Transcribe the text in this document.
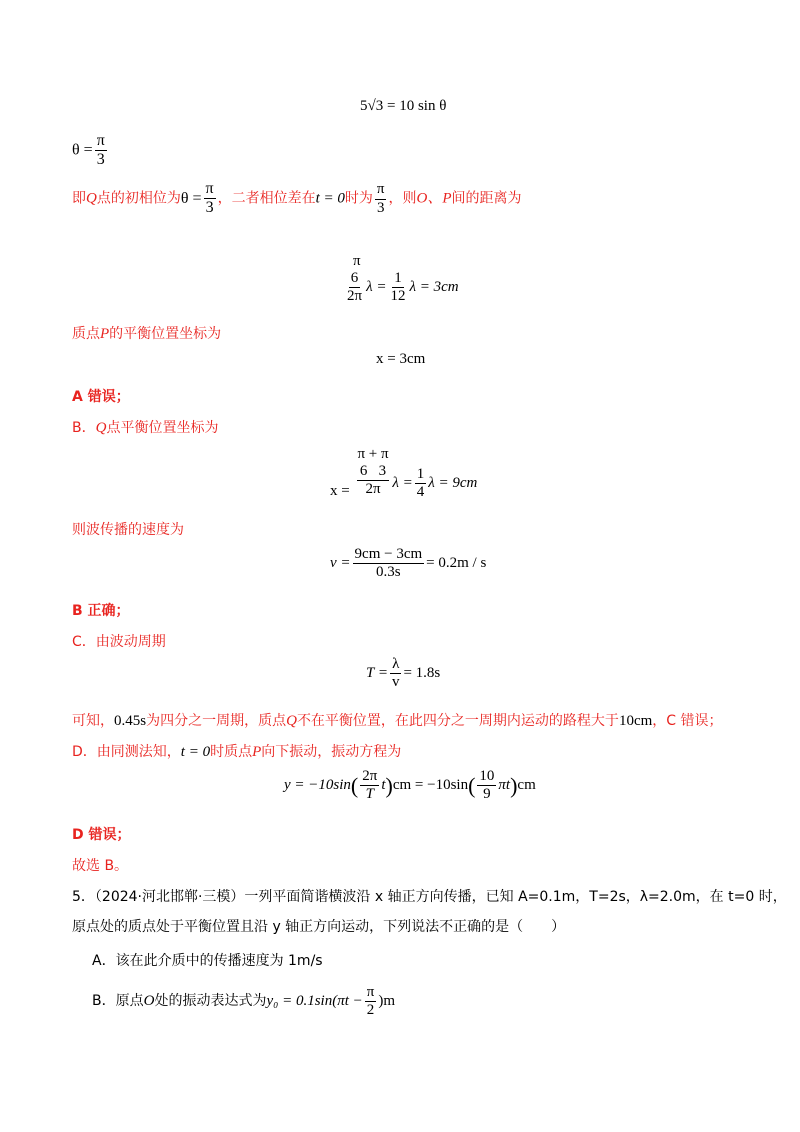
5√3 = 10 sin θ
$\theta = \frac{\pi}{3}$
即Q点的初相位为$\theta = \frac{\pi}{3}$ ，二者相位差在t = 0时为 $\frac{\pi}{3}$ ，则O、P间的距离为
π
$\frac{6}{2\pi}$ $\lambda = \frac{1}{12}$ λ = 3cm
质点P的平衡位置坐标为
x = 3cm
A 错误；
B．Q点平衡位置坐标为
x =
π + π
6 3
2π $\lambda = \frac{1}{4}$ λ = 9cm
则波传播的速度为
$v = \frac{9cm - 3cm}{0.3s} = 0.2m / s$
B 正确；
C．由波动周期
$T = \frac{\lambda}{v} = 1.8s$
可知，0.45s为四分之一周期，质点Q不在平衡位置，在此四分之一周期内运动的路程大于10cm，C 错误；
D．由同测法知，t = 0时质点P向下振动，振动方程为
$y = -10\sin( \frac{2\pi}{T} t)cm = -10\sin( \frac{10}{9} \pi t)cm$
D 错误；
故选 B。
5．（2024·河北邯郸·三模）一列平面简谐横波沿 x 轴正方向传播，已知 A=0.1m，T=2s，λ=2.0m，在 t=0 时，
原点处的质点处于平衡位置且沿 y 轴正方向运动，下列说法不正确的是（　　）
A．该在此介质中的传播速度为 1m/s
B．原点O处的振动表达式为$y_0 = 0.1\sin(\pi t - \frac{\pi}{2} )m$
